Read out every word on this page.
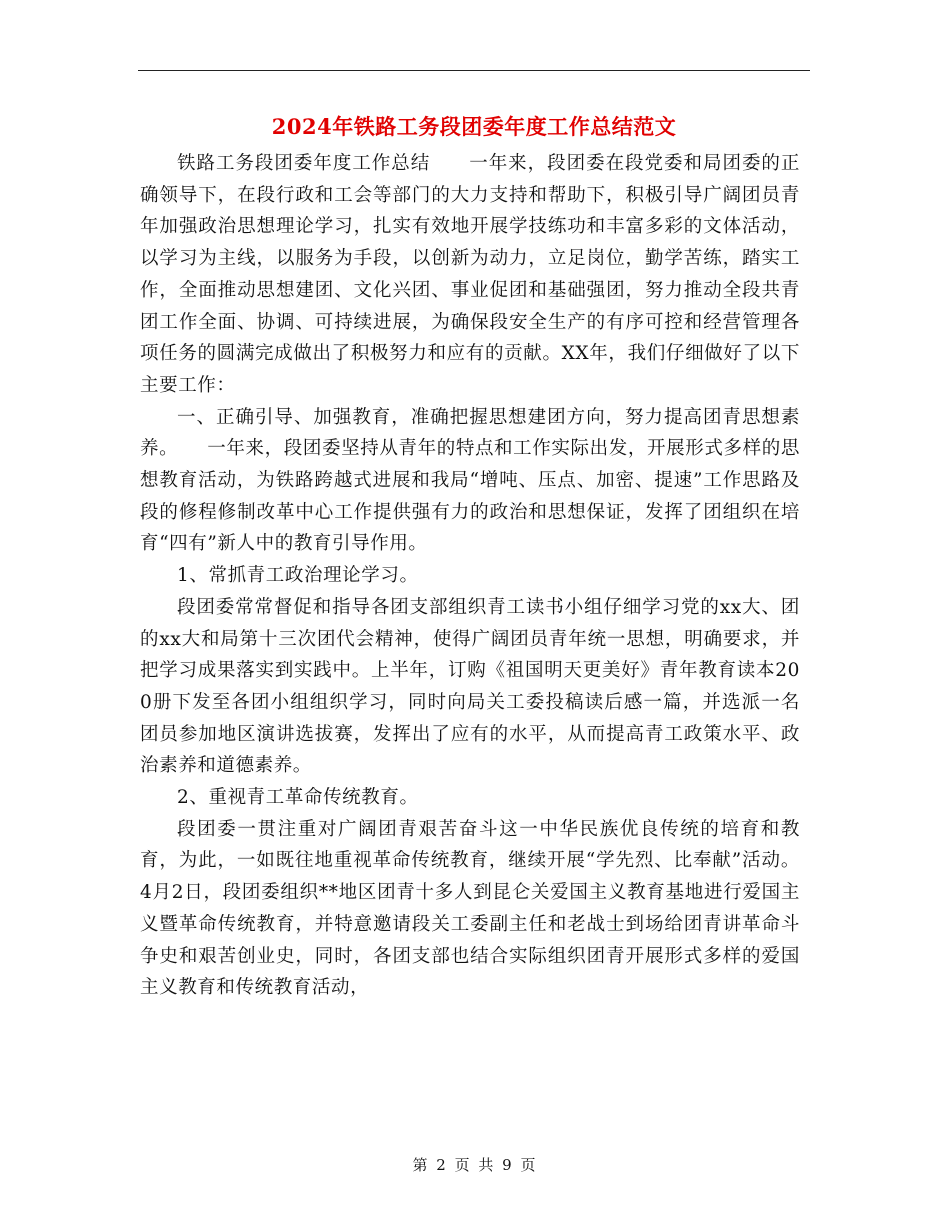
2024年铁路工务段团委年度工作总结范文

铁路工务段团委年度工作总结　　一年来，段团委在段党委和局团委的正确领导下，在段行政和工会等部门的大力支持和帮助下，积极引导广阔团员青年加强政治思想理论学习，扎实有效地开展学技练功和丰富多彩的文体活动，以学习为主线，以服务为手段，以创新为动力，立足岗位，勤学苦练，踏实工作，全面推动思想建团、文化兴团、事业促团和基础强团，努力推动全段共青团工作全面、协调、可持续进展，为确保段安全生产的有序可控和经营管理各项任务的圆满完成做出了积极努力和应有的贡献。XX年，我们仔细做好了以下主要工作：

一、正确引导、加强教育，准确把握思想建团方向，努力提高团青思想素养。　　一年来，段团委坚持从青年的特点和工作实际出发，开展形式多样的思想教育活动，为铁路跨越式进展和我局“增吨、压点、加密、提速”工作思路及段的修程修制改革中心工作提供强有力的政治和思想保证，发挥了团组织在培育“四有”新人中的教育引导作用。

1、常抓青工政治理论学习。

段团委常常督促和指导各团支部组织青工读书小组仔细学习党的xx大、团的xx大和局第十三次团代会精神，使得广阔团员青年统一思想，明确要求，并把学习成果落实到实践中。上半年，订购《祖国明天更美好》青年教育读本200册下发至各团小组组织学习，同时向局关工委投稿读后感一篇，并选派一名团员参加地区演讲选拔赛，发挥出了应有的水平，从而提高青工政策水平、政治素养和道德素养。

2、重视青工革命传统教育。

段团委一贯注重对广阔团青艰苦奋斗这一中华民族优良传统的培育和教育，为此，一如既往地重视革命传统教育，继续开展“学先烈、比奉献”活动。4月2日，段团委组织**地区团青十多人到昆仑关爱国主义教育基地进行爱国主义暨革命传统教育，并特意邀请段关工委副主任和老战士到场给团青讲革命斗争史和艰苦创业史，同时，各团支部也结合实际组织团青开展形式多样的爱国主义教育和传统教育活动，

第 2 页 共 9 页
